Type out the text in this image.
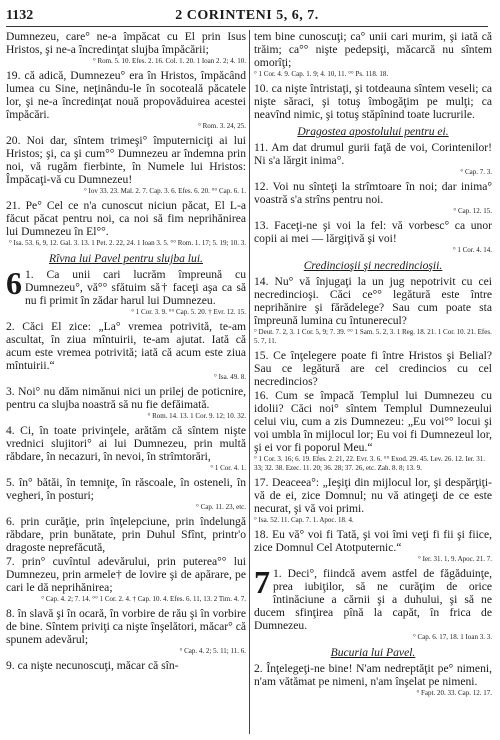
1132	2 CORINTENI 5, 6, 7.

Dumnezeu, care° ne-a împăcat cu El prin Isus Hristos, şi ne-a încredinţat slujba împăcării;

° Rom. 5. 10. Efes. 2. 16. Col. 1. 20. 1 Ioan 2. 2; 4. 10.

19. că adică, Dumnezeu° era în Hristos, împăcând lumea cu Sine, neţinându-le în socoteală păcatele lor, şi ne-a încredinţat nouă propovăduirea acestei împăcări.

° Rom. 3. 24, 25.

20. Noi dar, sîntem trimeşi° împuterniciţi ai lui Hristos; şi, ca şi cum°° Dumnezeu ar îndemna prin noi, vă rugăm fierbinte, în Numele lui Hristos: Împăcaţi-vă cu Dumnezeu!

° Iov 33. 23. Mal. 2. 7. Cap. 3. 6. Efes. 6. 20. °° Cap. 6. 1.

21. Pe° Cel ce n'a cunoscut niciun păcat, El L-a făcut păcat pentru noi, ca noi să fim neprihănirea lui Dumnezeu în El°°.

° Isa. 53. 6, 9, 12. Gal. 3. 13. 1 Pet. 2. 22, 24. 1 Ioan 3. 5. °° Rom. 1. 17; 5. 19; 10. 3.

Rîvna lui Pavel pentru slujba lui.

6 1. Ca unii cari lucrăm împreună cu Dumnezeu°, vă°° sfătuim să† faceţi aşa ca să nu fi primit în zădar harul lui Dumnezeu.

° 1 Cor. 3. 9. °° Cap. 5. 20. † Evr. 12. 15.

2. Căci El zice: „La° vremea potrivită, te-am ascultat, în ziua mîntuirii, te-am ajutat. Iată că acum este vremea potrivită; iată că acum este ziua mîntuirii.“

° Isa. 49. 8.

3. Noi° nu dăm nimănui nici un prilej de poticnire, pentru ca slujba noastră să nu fie defăimată.

° Rom. 14. 13. 1 Cor. 9. 12; 10. 32.

4. Ci, în toate privinţele, arătăm că sîntem nişte vrednici slujitori° ai lui Dumnezeu, prin multă răbdare, în necazuri, în nevoi, în strîmtorări,

° 1 Cor. 4. 1.

5. în° bătăi, în temniţe, în răscoale, în osteneli, în vegheri, în posturi;

° Cap. 11. 23, etc.

6. prin curăţie, prin înţelepciune, prin îndelungă răbdare, prin bunătate, prin Duhul Sfînt, printr'o dragoste neprefăcută,

7. prin° cuvîntul adevărului, prin puterea°° lui Dumnezeu, prin armele† de lovire şi de apărare, pe cari le dă neprihănirea;

° Cap. 4. 2; 7. 14. °° 1 Cor. 2. 4. † Cap. 10. 4. Efes. 6. 11, 13. 2 Tim. 4. 7.

8. în slavă şi în ocară, în vorbire de rău şi în vorbire de bine. Sîntem priviţi ca nişte înşelători, măcar° că spunem adevărul;

° Cap. 4. 2; 5. 11; 11. 6.

9. ca nişte necunoscuţi, măcar că sîn-

tem bine cunoscuţi; ca° unii cari murim, şi iată că trăim; ca°° nişte pedepsiţi, măcarcă nu sîntem omorîţi;

° 1 Cor. 4. 9. Cap. 1. 9; 4. 10, 11. °° Ps. 118. 18.

10. ca nişte întristaţi, şi totdeauna sîntem veseli; ca nişte săraci, şi totuş îmbogăţim pe mulţi; ca neavînd nimic, şi totuş stăpînind toate lucrurile.

Dragostea apostolului pentru ei.

11. Am dat drumul gurii faţă de voi, Corintenilor! Ni s'a lărgit inima°.

° Cap. 7. 3.

12. Voi nu sînteţi la strîmtoare în noi; dar inima° voastră s'a strîns pentru noi.

° Cap. 12. 15.

13. Faceţi-ne şi voi la fel: vă vorbesc° ca unor copii ai mei — lărgiţivă şi voi!

° 1 Cor. 4. 14.

Credincioşii şi necredincioşii.

14. Nu° vă înjugaţi la un jug nepotrivit cu cei necredincioşi. Căci ce°° legătură este între neprihănire şi fărădelege? Sau cum poate sta împreună lumina cu întunerecul?

° Deut. 7. 2, 3. 1 Cor. 5, 9; 7. 39. °° 1 Sam. 5. 2, 3. 1 Reg. 18. 21. 1 Cor. 10. 21. Efes. 5. 7, 11.

15. Ce înţelegere poate fi între Hristos şi Belial? Sau ce legătură are cel credincios cu cel necredincios?

16. Cum se împacă Templul lui Dumnezeu cu idolii? Căci noi° sîntem Templul Dumnezeului celui viu, cum a zis Dumnezeu: „Eu voi°° locui şi voi umbla în mijlocul lor; Eu voi fi Dumnezeul lor, şi ei vor fi poporul Meu.“

° 1 Cor. 3. 16; 6. 19. Efes. 2. 21, 22. Evr. 3. 6. °° Exod. 29. 45. Lev. 26. 12. Ier. 31. 33; 32. 38. Ezec. 11. 20; 36. 28; 37. 26, etc. Zah. 8. 8; 13. 9.

17. Deaceea°: „Ieşiţi din mijlocul lor, şi despărţiţi-vă de ei, zice Domnul; nu vă atingeţi de ce este necurat, şi vă voi primi.

° Isa. 52. 11. Cap. 7. 1. Apoc. 18. 4.

18. Eu vă° voi fi Tată, şi voi îmi veţi fi fii şi fiice, zice Domnul Cel Atotputernic.“

° Ier. 31. 1, 9. Apoc. 21. 7.

7 1. Deci°, fiindcă avem astfel de făgăduinţe, prea iubiţilor, să ne curăţim de orice întinăciune a cărnii şi a duhului, şi să ne ducem sfinţirea pînă la capăt, în frica de Dumnezeu.

° Cap. 6. 17, 18. 1 Ioan 3. 3.

Bucuria lui Pavel.

2. Înţelegeţi-ne bine! N'am nedreptăţit pe° nimeni, n'am vătămat pe nimeni, n'am înşelat pe nimeni.

° Fapt. 20. 33. Cap. 12. 17.
